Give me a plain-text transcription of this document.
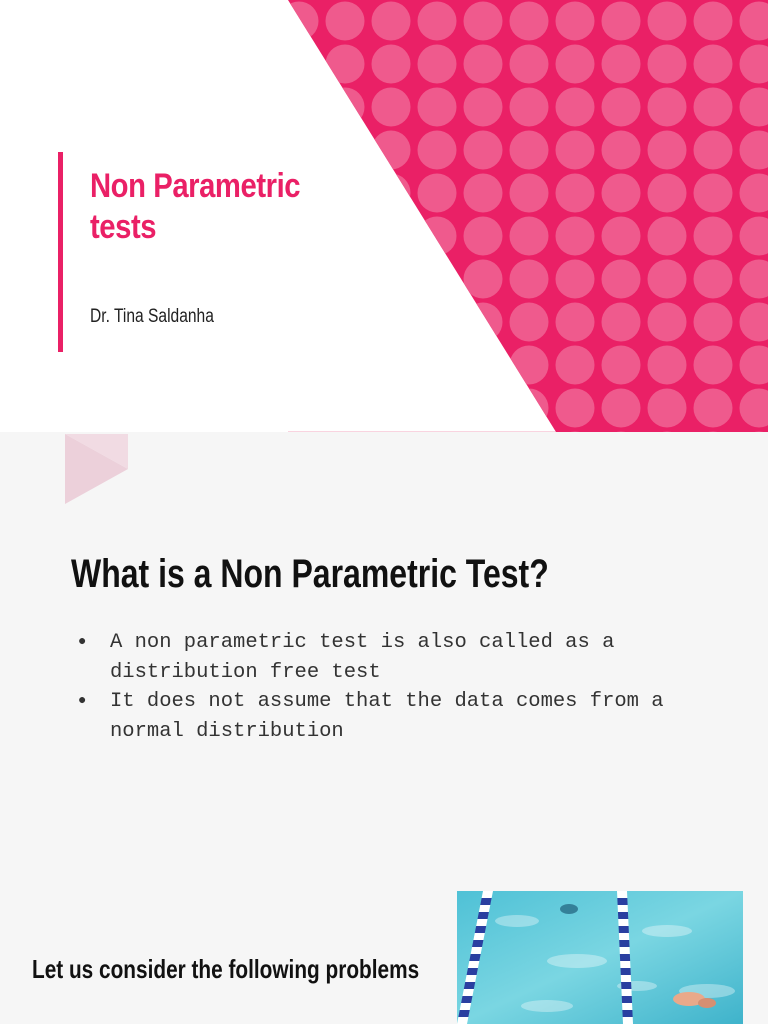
Non Parametric tests
Dr. Tina Saldanha
What is a Non Parametric Test?
● A non parametric test is also called as a distribution free test
● It does not assume that the data comes from a normal distribution
Let us consider the following problems
